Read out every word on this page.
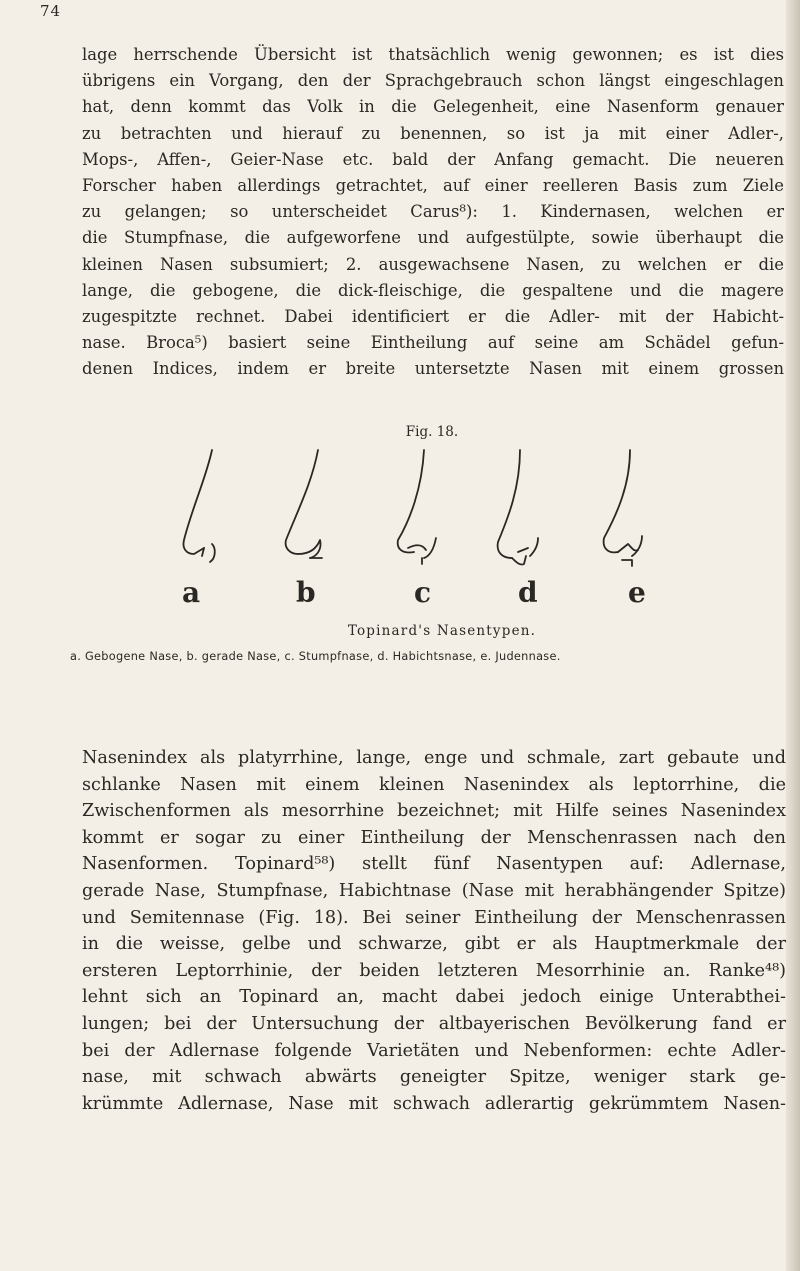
74
lage herrschende Übersicht ist thatsächlich wenig gewonnen; es ist dies
übrigens ein Vorgang, den der Sprachgebrauch schon längst eingeschlagen
hat, denn kommt das Volk in die Gelegenheit, eine Nasenform genauer
zu betrachten und hierauf zu benennen, so ist ja mit einer Adler-,
Mops-, Affen-, Geier-Nase etc. bald der Anfang gemacht. Die neueren
Forscher haben allerdings getrachtet, auf einer reelleren Basis zum Ziele
zu gelangen; so unterscheidet Carus⁸): 1. Kindernasen, welchen er
die Stumpfnase, die aufgeworfene und aufgestülpte, sowie überhaupt die
kleinen Nasen subsumiert; 2. ausgewachsene Nasen, zu welchen er die
lange, die gebogene, die dick-fleischige, die gespaltene und die magere
zugespitzte rechnet. Dabei identificiert er die Adler- mit der Habicht-
nase. Broca⁵) basiert seine Eintheilung auf seine am Schädel gefun-
denen Indices, indem er breite untersetzte Nasen mit einem grossen
Fig. 18.
a	b	c	d	e
Topinard's Nasentypen.
a. Gebogene Nase, b. gerade Nase, c. Stumpfnase, d. Habichtsnase, e. Judennase.
Nasenindex als platyrrhine, lange, enge und schmale, zart gebaute und
schlanke Nasen mit einem kleinen Nasenindex als leptorrhine, die
Zwischenformen als mesorrhine bezeichnet; mit Hilfe seines Nasenindex
kommt er sogar zu einer Eintheilung der Menschenrassen nach den
Nasenformen. Topinard⁵⁸) stellt fünf Nasentypen auf: Adlernase,
gerade Nase, Stumpfnase, Habichtnase (Nase mit herabhängender Spitze)
und Semitennase (Fig. 18). Bei seiner Eintheilung der Menschenrassen
in die weisse, gelbe und schwarze, gibt er als Hauptmerkmale der
ersteren Leptorrhinie, der beiden letzteren Mesorrhinie an. Ranke⁴⁸)
lehnt sich an Topinard an, macht dabei jedoch einige Unterabthei-
lungen; bei der Untersuchung der altbayerischen Bevölkerung fand er
bei der Adlernase folgende Varietäten und Nebenformen: echte Adler-
nase, mit schwach abwärts geneigter Spitze, weniger stark ge-
krümmte Adlernase, Nase mit schwach adlerartig gekrümmtem Nasen-
